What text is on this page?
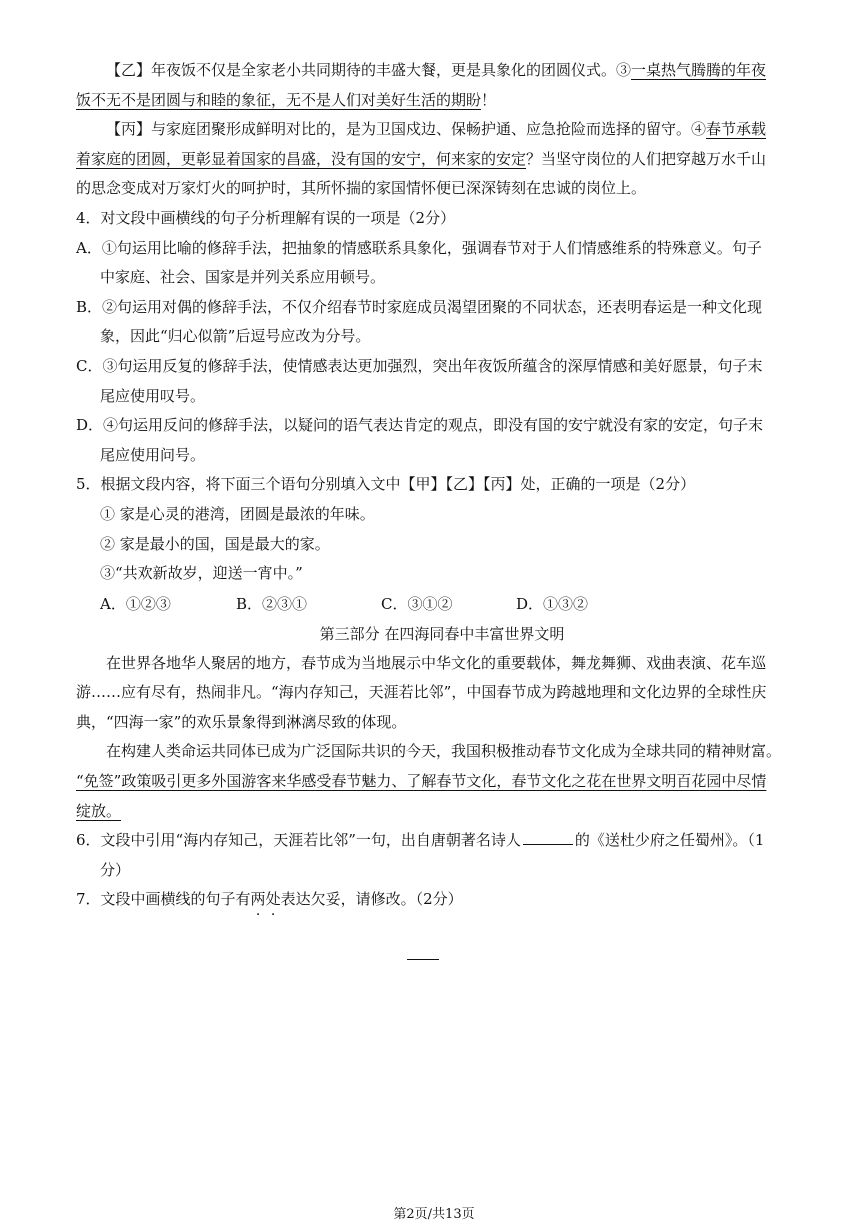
【乙】年夜饭不仅是全家老小共同期待的丰盛大餐，更是具象化的团圆仪式。③一桌热气腾腾的年夜
饭不无不是团圆与和睦的象征，无不是人们对美好生活的期盼！
【丙】与家庭团聚形成鲜明对比的，是为卫国戍边、保畅护通、应急抢险而选择的留守。④春节承载
着家庭的团圆，更彰显着国家的昌盛，没有国的安宁，何来家的安定？当坚守岗位的人们把穿越万水千山
的思念变成对万家灯火的呵护时，其所怀揣的家国情怀便已深深铸刻在忠诚的岗位上。
4．对文段中画横线的句子分析理解有误的一项是（2分）
A．①句运用比喻的修辞手法，把抽象的情感联系具象化，强调春节对于人们情感维系的特殊意义。句子
中家庭、社会、国家是并列关系应用顿号。
B．②句运用对偶的修辞手法，不仅介绍春节时家庭成员渴望团聚的不同状态，还表明春运是一种文化现
象，因此“归心似箭”后逗号应改为分号。
C．③句运用反复的修辞手法，使情感表达更加强烈，突出年夜饭所蕴含的深厚情感和美好愿景，句子末
尾应使用叹号。
D．④句运用反问的修辞手法，以疑问的语气表达肯定的观点，即没有国的安宁就没有家的安定，句子末
尾应使用问号。
5．根据文段内容，将下面三个语句分别填入文中【甲】【乙】【丙】处，正确的一项是（2分）
① 家是心灵的港湾，团圆是最浓的年味。
② 家是最小的国，国是最大的家。
③“共欢新故岁，迎送一宵中。”
A．①②③	B．②③①	C．③①②	D．①③②
第三部分 在四海同春中丰富世界文明
在世界各地华人聚居的地方，春节成为当地展示中华文化的重要载体，舞龙舞狮、戏曲表演、花车巡
游……应有尽有，热闹非凡。“海内存知己，天涯若比邻”，中国春节成为跨越地理和文化边界的全球性庆
典，“四海一家”的欢乐景象得到淋漓尽致的体现。
在构建人类命运共同体已成为广泛国际共识的今天，我国积极推动春节文化成为全球共同的精神财富。
“免签”政策吸引更多外国游客来华感受春节魅力、了解春节文化，春节文化之花在世界文明百花园中尽情
绽放。
6．文段中引用“海内存知己，天涯若比邻”一句，出自唐朝著名诗人	的《送杜少府之任蜀州》。（1
分）
7．文段中画横线的句子有两处表达欠妥，请修改。（2分）
第2页/共13页
